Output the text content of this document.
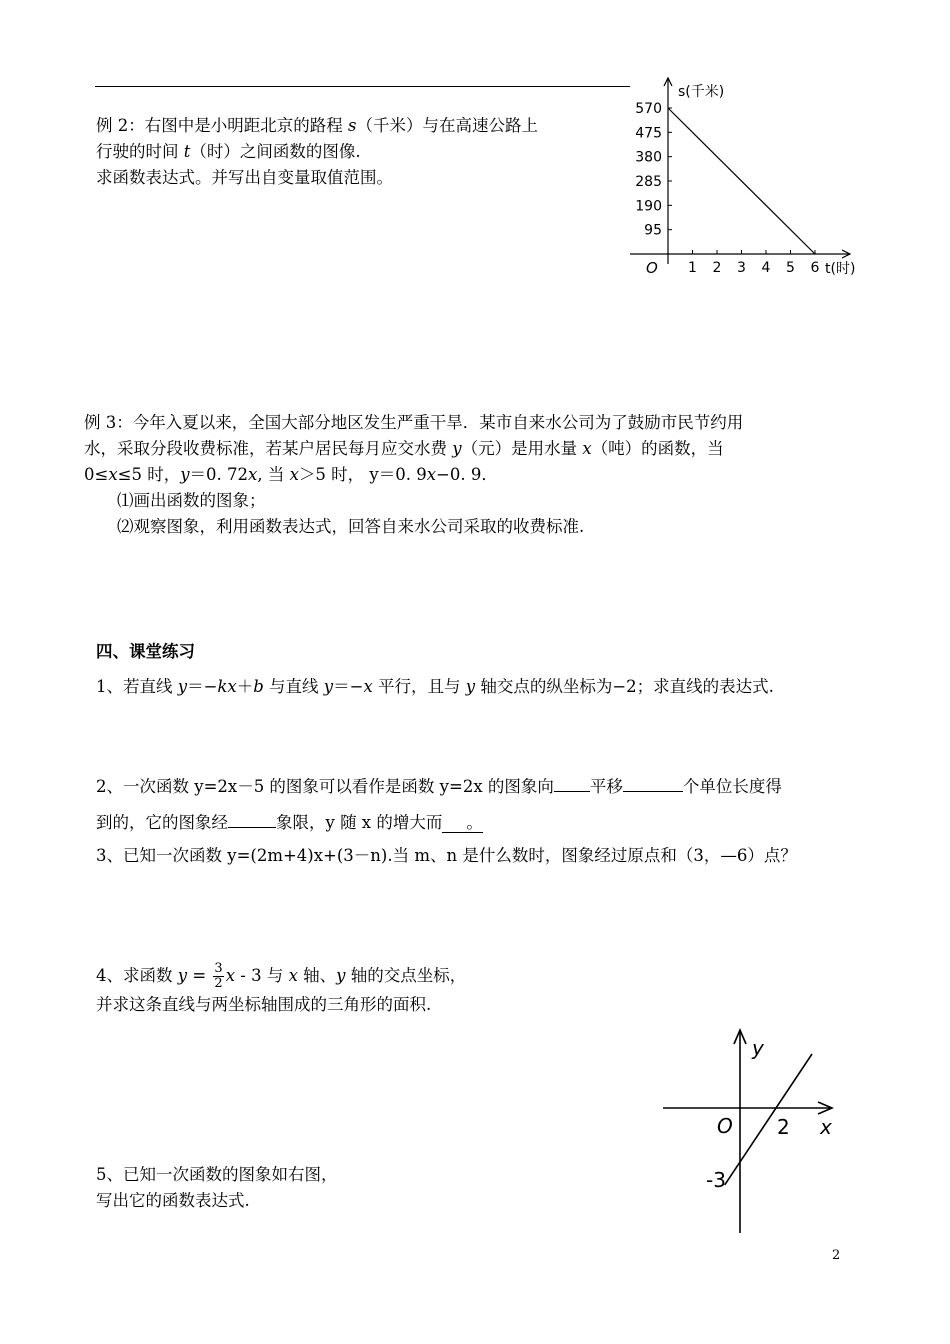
例 2：右图中是小明距北京的路程 s（千米）与在高速公路上
行驶的时间 t（时）之间函数的图像.
求函数表达式。并写出自变量取值范围。
1 2 3 4 5 6
570
475
380
285
190
95
s(千米)
t(时)
O
例 3：今年入夏以来，全国大部分地区发生严重干旱．某市自来水公司为了鼓励市民节约用
水，采取分段收费标准，若某户居民每月应交水费 y（元）是用水量 x（吨）的函数，当
0≤x≤5 时，y＝0. 72x, 当 x＞5 时， y＝0. 9x−0. 9．
⑴画出函数的图象；
⑵观察图象，利用函数表达式，回答自来水公司采取的收费标准.
四、课堂练习
1、若直线 y＝−kx＋b 与直线 y＝−x 平行，且与 y 轴交点的纵坐标为−2；求直线的表达式.
2、一次函数 y=2x－5 的图象可以看作是函数 y=2x 的图象向 平移	个单位长度得
到的，它的图象经	象限，y 随 x 的增大而 。
3、已知一次函数 y=(2m+4)x+(3－n).当 m、n 是什么数时，图象经过原点和（3，—6）点？
4、求函数 $y = \frac{3}{2}$ x - 3 与 x 轴、y 轴的交点坐标，
并求这条直线与两坐标轴围成的三角形的面积.
y
x
O 2
-3
5、已知一次函数的图象如右图，
写出它的函数表达式.
2
